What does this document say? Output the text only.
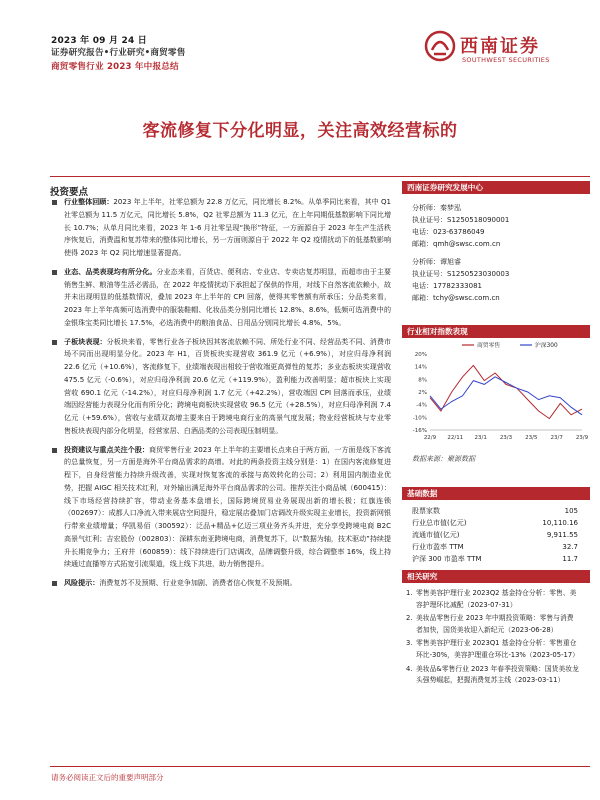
2023 年 09 月 24 日
证券研究报告•行业研究•商贸零售
商贸零售行业 2023 年中报总结
西南证券
SOUTHWEST SECURITIES
客流修复下分化明显，关注高效经营标的
投资要点
行业整体回顾：2023 年上半年，社零总额为 22.8 万亿元，同比增长 8.2%。从单季同比来看，其中 Q1 社零总额为 11.5 万亿元，同比增长 5.8%，Q2 社零总额为 11.3 亿元，在上年同期低基数影响下同比增长 10.7%；从单月同比来看，2023 年 1-6 月社零呈现“换形”特征，一方面源自于 2023 年生产生活秩序恢复后，消费温和复苏带来的整体同比增长，另一方面则源自于 2022 年 Q2 疫情扰动下的低基数影响使得 2023 年 Q2 同比增速显著提高。
业态、品类表现均有所分化。分业态来看，百货店、便利店、专业店、专卖店复苏明显，而超市由于主要销售生鲜、粮油等生活必需品，在 2022 年疫情扰动下承担起了保供的作用，对线下自然客流依赖小，故并未出现明显的低基数情况，叠加 2023 年上半年的 CPI 回落，使得其零售额有所承压；分品类来看，2023 年上半年高频可选消费中的服装鞋帽、化妆品类分别同比增长 12.8%、8.6%，低频可选消费中的金银珠宝类同比增长 17.5%，必选消费中的粮油食品、日用品分别同比增长 4.8%、5%。
子板块表现：分板块来看，零售行业各子板块因其客流依赖不同、所处行业不同、经营品类不同、消费市场不同而出现明显分化。2023 年 H1，百货板块实现营收 361.9 亿元（+6.9%），对应归母净利润 22.6 亿元（+10.6%），客流修复下，业绩端表现出相较于营收端更高弹性的复苏；多业态板块实现营收 475.5 亿元（-0.6%），对应归母净利润 20.6 亿元（+119.9%），盈利能力改善明显；超市板块上实现营收 690.1 亿元（-14.2%），对应归母净利润 1.7 亿元（+42.2%），营收端因 CPI 回落而承压，业绩端因经营能力表现分化而有所分化；跨境电商板块实现营收 96.5 亿元（+28.5%），对应归母净利润 7.4 亿元（+59.6%），营收与业绩双高增主要来自于跨境电商行业的高景气度发展；物业经营板块与专业零售板块表现内部分化明显，经营家居、白酒品类的公司表现压制明显。
投资建议与重点关注个股：商贸零售行业 2023 年上半年的主要增长点来自于两方面，一方面是线下客流的总量恢复，另一方面是海外平台商品需求的高增。对此的两条投资主线分别是：1）在国内客流修复进程下，自身经营能力持续升级改善，实现对恢复客流的承接与高效转化的公司；2）利用国内制造业优势，把握 AIGC 相关技术红利，对外输出满足海外平台商品需求的公司。推荐关注小商品城（600415）：线下市场经营持续扩容，带动业务基本盘增长，国际跨境贸易业务展现出新的增长极；红旗连锁（002697）：成都人口净流入带来展店空间提升，稳定展店叠加门店调改升级实现主业增长，投资新网银行带来业绩增量；华凯易佰（300592）：泛品+精品+亿迈三项业务齐头并进，充分享受跨境电商 B2C 高景气红利；吉宏股份（002803）：深耕东南亚跨境电商，消费复苏下，以“数据为轴，技术驱动”持续提升长期竞争力；王府井（600859）：线下持续进行门店调改，品牌调整升级，综合调整率 16%，线上持续通过直播等方式拓宽引流渠道，线上线下共进，助力销售提升。
风险提示：消费复苏不及预期、行业竞争加剧、消费者信心恢复不及预期。
西南证券研究发展中心
分析师：秦梦泓
执业证号：S1250518090001
电话：023-63786049
邮箱：qmh@swsc.com.cn
分析师：谭旭睿
执业证号：S1250523030003
电话：17782333081
邮箱：tchy@swsc.com.cn
行业相对指数表现
20%
14%
8%
2%
-4%
-10%
-16%
22/9 22/11 23/1 23/3 23/5 23/7 23/9
商贸零售	沪深300
数据来源：聚源数据
基础数据
股票家数	105
行业总市值(亿元)	10,110.16
流通市值(亿元)	9,911.55
行业市盈率 TTM	32.7
沪深 300 市盈率 TTM	11.7
相关研究
1. 零售美容护理行业 2023Q2 基金持仓分析：零售、美容护理环比减配（2023-07-31）
2. 美妆品零售行业 2023 年中期投资策略：零售与消费者加快，国货美妆迎入新纪元（2023-06-28）
3. 零售美容护理行业 2023Q1 基金持仓分析：零售重仓环比-30%，美容护理重仓环比-13%（2023-05-17）
4. 美妆品&零售行业 2023 年春季投资策略：国货美妆龙头强势崛起，把握消费复苏主线（2023-03-11）
请务必阅读正文后的重要声明部分
